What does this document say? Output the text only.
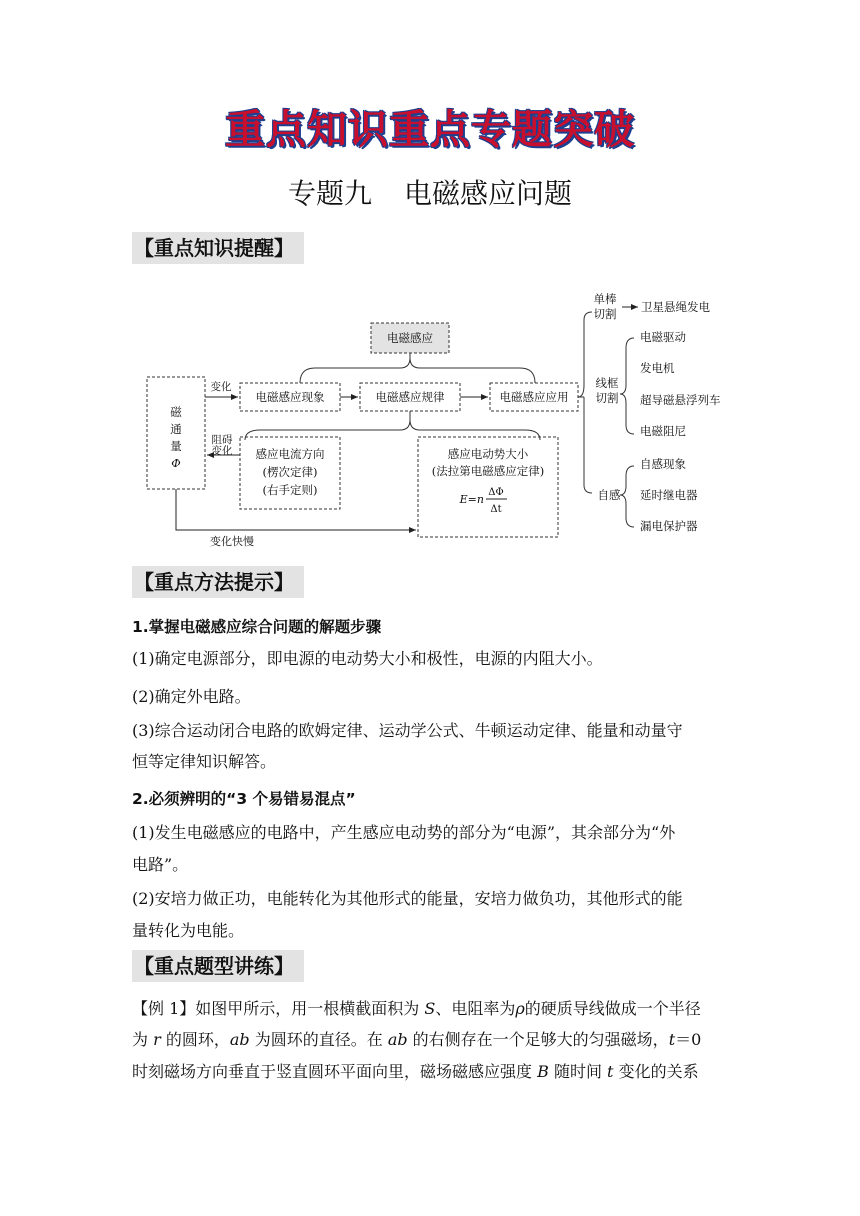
重点知识重点专题突破
专题九 电磁感应问题
【重点知识提醒】
电磁感应
磁
通
量
Φ
电磁感应现象	电磁感应规律	电磁感应应用
变化
阻碍
变化 感应电流方向
(楞次定律)
(右手定则)
感应电动势大小
(法拉第电磁感应定律)
E=n
ΔΦ
Δt
变化快慢
单棒
切割 卫星悬绳发电
线框
切割
电磁驱动
发电机
超导磁悬浮列车
电磁阻尼
自感
自感现象
延时继电器
漏电保护器
【重点方法提示】
1.掌握电磁感应综合问题的解题步骤
(1)确定电源部分，即电源的电动势大小和极性，电源的内阻大小。
(2)确定外电路。
(3)综合运动闭合电路的欧姆定律、运动学公式、牛顿运动定律、能量和动量守
恒等定律知识解答。
2.必须辨明的“3 个易错易混点”
(1)发生电磁感应的电路中，产生感应电动势的部分为“电源”，其余部分为“外
电路”。
(2)安培力做正功，电能转化为其他形式的能量，安培力做负功，其他形式的能
量转化为电能。
【重点题型讲练】
【例 1】如图甲所示，用一根横截面积为 S、电阻率为ρ的硬质导线做成一个半径
为 r 的圆环，ab 为圆环的直径。在 ab 的右侧存在一个足够大的匀强磁场，t＝0
时刻磁场方向垂直于竖直圆环平面向里，磁场磁感应强度 B 随时间 t 变化的关系
